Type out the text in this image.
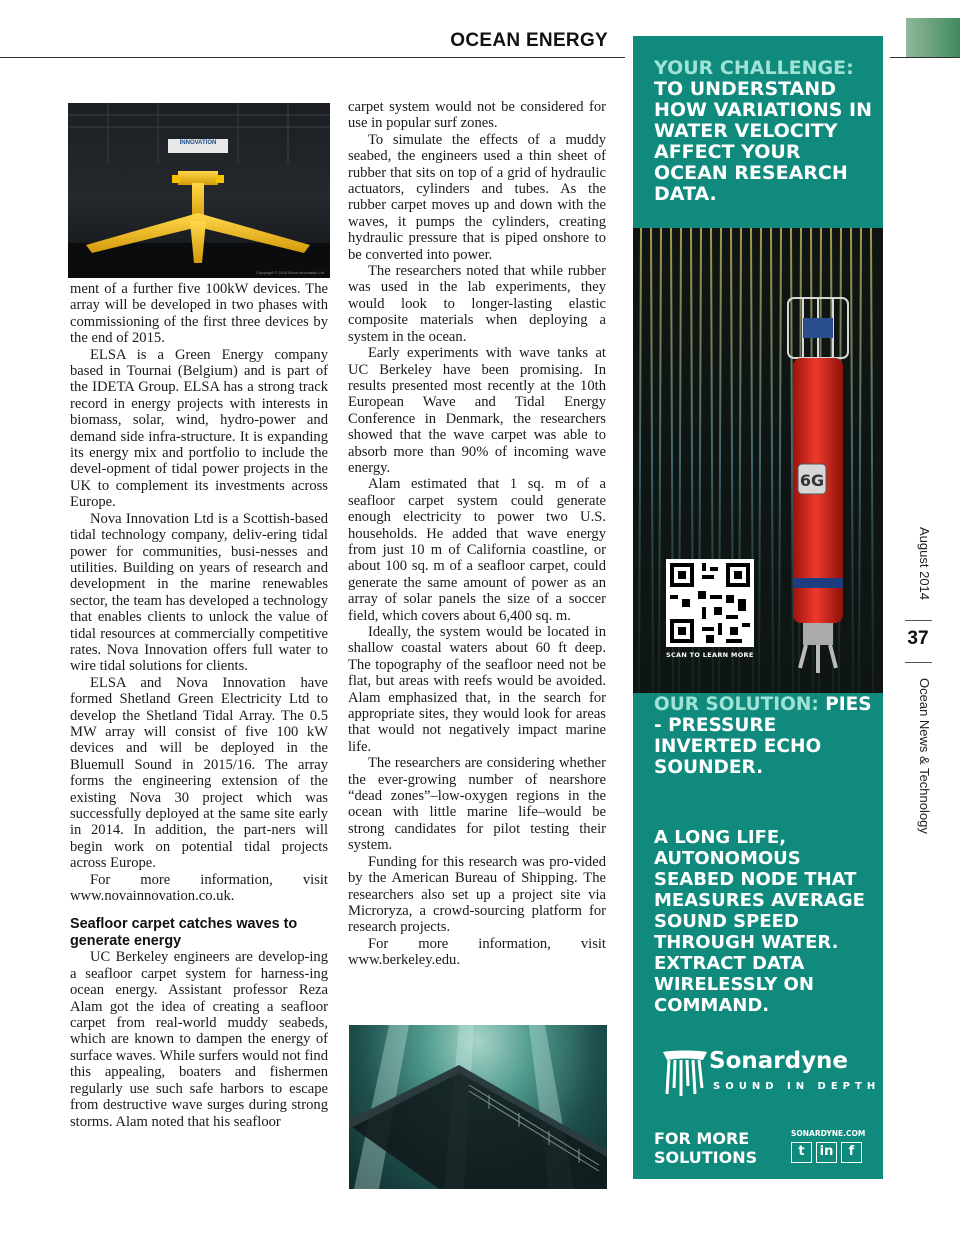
OCEAN ENERGY
INNOVATION
Copyright © 2014 Nova Innovation Ltd

ment of a further five 100kW devices. The array will be developed in two phases with commissioning of the first three devices by the end of 2015.

ELSA is a Green Energy company based in Tournai (Belgium) and is part of the IDETA Group. ELSA has a strong track record in energy projects with interests in biomass, solar, wind, hydro-power and demand side infra-structure. It is expanding its energy mix and portfolio to include the devel-opment of tidal power projects in the UK to complement its investments across Europe.

Nova Innovation Ltd is a Scottish-based tidal technology company, deliv-ering tidal power for communities, busi-nesses and utilities. Building on years of research and development in the marine renewables sector, the team has developed a technology that enables clients to unlock the value of tidal resources at commercially competitive rates. Nova Innovation offers full water to wire tidal solutions for clients.

ELSA and Nova Innovation have formed Shetland Green Electricity Ltd to develop the Shetland Tidal Array. The 0.5 MW array will consist of five 100 kW devices and will be deployed in the Bluemull Sound in 2015/16. The array forms the engineering extension of the existing Nova 30 project which was successfully deployed at the same site early in 2014. In addition, the part-ners will begin work on potential tidal projects across Europe.

For more information, visit www.novainnovation.co.uk.

Seafloor carpet catches waves to generate energy

UC Berkeley engineers are develop-ing a seafloor carpet system for harness-ing ocean energy. Assistant professor Reza Alam got the idea of creating a seafloor carpet from real-world muddy seabeds, which are known to dampen the energy of surface waves. While surfers would not find this appealing, boaters and fishermen regularly use such safe harbors to escape from destructive wave surges during strong storms. Alam noted that his seafloor

carpet system would not be considered for use in popular surf zones.

To simulate the effects of a muddy seabed, the engineers used a thin sheet of rubber that sits on top of a grid of hydraulic actuators, cylinders and tubes. As the rubber carpet moves up and down with the waves, it pumps the cylinders, creating hydraulic pressure that is piped onshore to be converted into power.

The researchers noted that while rubber was used in the lab experiments, they would look to longer-lasting elastic composite materials when deploying a system in the ocean.

Early experiments with wave tanks at UC Berkeley have been promising. In results presented most recently at the 10th European Wave and Tidal Energy Conference in Denmark, the researchers showed that the wave carpet was able to absorb more than 90% of incoming wave energy.

Alam estimated that 1 sq. m of a seafloor carpet system could generate enough electricity to power two U.S. households. He added that wave energy from just 10 m of California coastline, or about 100 sq. m of a seafloor carpet, could generate the same amount of power as an array of solar panels the size of a soccer field, which covers about 6,400 sq. m.

Ideally, the system would be located in shallow coastal waters about 60 ft deep. The topography of the seafloor need not be flat, but areas with reefs would be avoided. Alam emphasized that, in the search for appropriate sites, they would look for areas that would not negatively impact marine life.

The researchers are considering whether the ever-growing number of nearshore “dead zones”–low-oxygen regions in the ocean with little marine life–would be strong candidates for pilot testing their system.

Funding for this research was pro-vided by the American Bureau of Shipping. The researchers also set up a project site via Microryza, a crowd-sourcing platform for research projects.

For more information, visit www.berkeley.edu.

YOUR CHALLENGE: TO UNDERSTAND HOW VARIATIONS IN WATER VELOCITY AFFECT YOUR OCEAN RESEARCH DATA.
6G
SCAN TO LEARN MORE
OUR SOLUTION: PIES - PRESSURE INVERTED ECHO SOUNDER.
A LONG LIFE, AUTONOMOUS SEABED NODE THAT MEASURES AVERAGE SOUND SPEED THROUGH WATER. EXTRACT DATA WIRELESSLY ON COMMAND.
Sonardyne
SOUND IN DEPTH
FOR MORE SOLUTIONS
SONARDYNE.COM
t	in	f
August 2014
37
Ocean News & Technology
